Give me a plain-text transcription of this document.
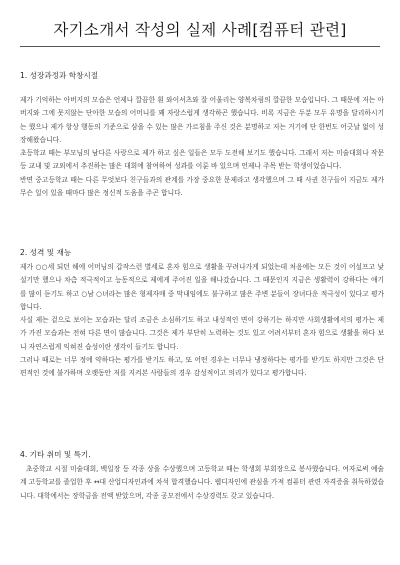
자기소개서 작성의 실제 사례[컴퓨터 관련]
1. 성장과정과 학창시절

제가 기억하는 아버지의 모습은 언제나 깔끔한 흰 와이셔츠와 잘 어울리는 양복차림의 깔끔한 모습입니다. 그 때문에 저는 아버지와 그에 못지않는 단아한 모습의 어머니를 꽤 자랑스럽게 생각하곤 했습니다. 비록 지금은 두분 모두 유명을 달리하시기는 했으나 제가 항상 행동의 기준으로 삼을 수 있는 많은 가르침을 주신 것은 분명하고 저는 거기에 단 한번도 어긋날 없이 성장해왔습니다.

초등학교 때는 부모님의 남다른 사랑으로 제가 하고 싶은 일들은 모두 도전해 보기도 했습니다. 그래서 저는 미술대회나 작문 등 교내 및 교외에서 추진하는 많은 대회에 참여하여 성과를 이룬 바 있으며 언제나 주목 받는 학생이었습니다.

반면 중고등학교 때는 다른 무엇보다 친구들과의 관계를 가장 중요한 문제라고 생각했으며 그 때 사귄 친구들이 지금도 제가 무슨 일이 있을 때마다 많은 정신적 도움을 주곤 합니다.

2. 성격 및 재능

제가 ○○세 되던 해에 어머님의 갑작스런 별세로 혼자 힘으로 생활을 꾸려나가게 되었는데 처음에는 모든 것이 어설프고 낯설기만 했으나 차츰 적극적이고 능동적으로 제에게 주어진 일을 해나갔습니다. 그 때문인지 지금은 생활력이 강하다는 얘기를 많이 듣기도 하고 ○남 ○녀라는 많은 형제자매 중 막내임에도 불구하고 많은 주변 분들이 장녀다운 적극성이 있다고 평가합니다.

사실 제는 겉으로 보이는 모습과는 달리 조금은 소심하기도 하고 내성적인 면이 강하기는 하지만 사회생활에서의 평가는 제가 가진 모습과는 전혀 다른 면이 많습니다. 그것은 제가 부단히 노력하는 것도 있고 어려서부터 혼자 힘으로 생활을 하다 보니 자연스럽게 익혀진 습성이란 생각이 들기도 합니다.

그러나 때로는 너무 정에 약하다는 평가를 받기도 하고, 또 어떤 경우는 너무나 냉정하다는 평가를 받기도 하지만 그것은 단편적인 것에 불가하며 오랫동안 저를 지켜본 사람들의 경우 감성적이고 의리가 있다고 평가합니다.

4. 기타 취미 및 특기.

초중학교 시절 미술대회, 백일장 등 각종 상을 수상했으며 고등학교 때는 학생회 부회장으로 봉사했습니다. 여자로써 예술계 고등학교를 졸업한 후 ↔대 산업디자인과에 차석 합격했습니다. 웹디자인에 관심을 가져 컴퓨터 관련 자격증을 취득하였습니다. 대학에서는 장학금을 전액 받았으며, 각종 공모전에서 수상경력도 갖고 있습니다.
